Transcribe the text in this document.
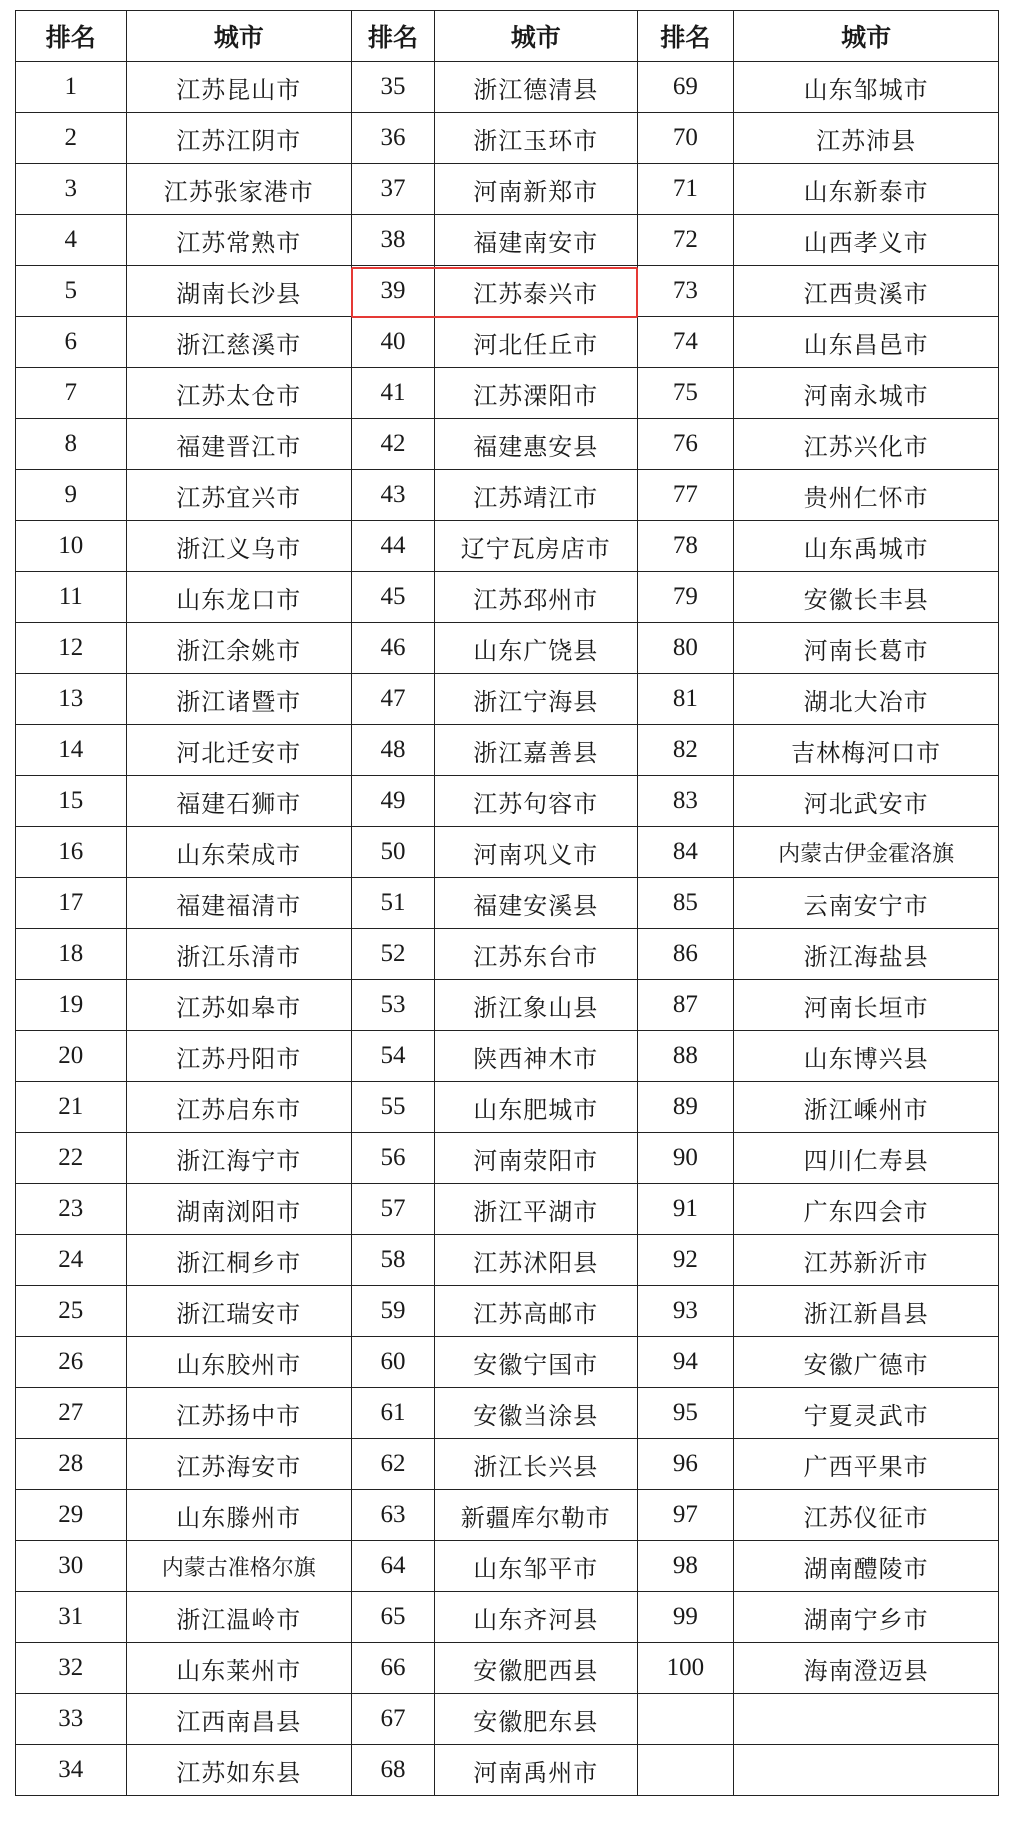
排名	城市	排名	城市	排名	城市
1	江苏昆山市	35	浙江德清县	69	山东邹城市
2	江苏江阴市	36	浙江玉环市	70	江苏沛县
3	江苏张家港市	37	河南新郑市	71	山东新泰市
4	江苏常熟市	38	福建南安市	72	山西孝义市
5	湖南长沙县	39	江苏泰兴市	73	江西贵溪市
6	浙江慈溪市	40	河北任丘市	74	山东昌邑市
7	江苏太仓市	41	江苏溧阳市	75	河南永城市
8	福建晋江市	42	福建惠安县	76	江苏兴化市
9	江苏宜兴市	43	江苏靖江市	77	贵州仁怀市
10	浙江义乌市	44	辽宁瓦房店市	78	山东禹城市
11	山东龙口市	45	江苏邳州市	79	安徽长丰县
12	浙江余姚市	46	山东广饶县	80	河南长葛市
13	浙江诸暨市	47	浙江宁海县	81	湖北大冶市
14	河北迁安市	48	浙江嘉善县	82	吉林梅河口市
15	福建石狮市	49	江苏句容市	83	河北武安市
16	山东荣成市	50	河南巩义市	84	内蒙古伊金霍洛旗
17	福建福清市	51	福建安溪县	85	云南安宁市
18	浙江乐清市	52	江苏东台市	86	浙江海盐县
19	江苏如皋市	53	浙江象山县	87	河南长垣市
20	江苏丹阳市	54	陕西神木市	88	山东博兴县
21	江苏启东市	55	山东肥城市	89	浙江嵊州市
22	浙江海宁市	56	河南荥阳市	90	四川仁寿县
23	湖南浏阳市	57	浙江平湖市	91	广东四会市
24	浙江桐乡市	58	江苏沭阳县	92	江苏新沂市
25	浙江瑞安市	59	江苏高邮市	93	浙江新昌县
26	山东胶州市	60	安徽宁国市	94	安徽广德市
27	江苏扬中市	61	安徽当涂县	95	宁夏灵武市
28	江苏海安市	62	浙江长兴县	96	广西平果市
29	山东滕州市	63	新疆库尔勒市	97	江苏仪征市
30	内蒙古准格尔旗	64	山东邹平市	98	湖南醴陵市
31	浙江温岭市	65	山东齐河县	99	湖南宁乡市
32	山东莱州市	66	安徽肥西县	100	海南澄迈县
33	江西南昌县	67	安徽肥东县		
34	江苏如东县	68	河南禹州市		
